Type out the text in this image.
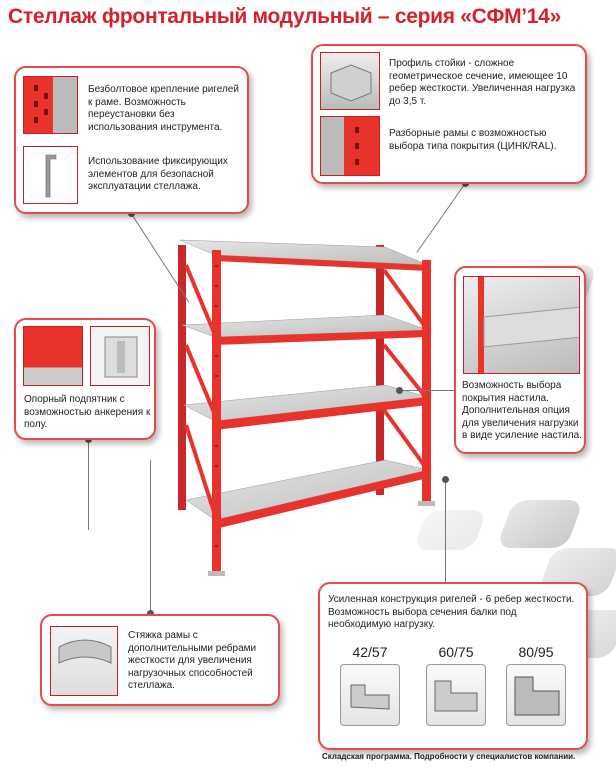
Стеллаж фронтальный модульный – серия «СФМ’14»
Безболтовое крепление ригелей к раме. Возможность переустановки без использования инструмента.
Использование фиксирующих элементов для безопасной эксплуатации стеллажа.
Профиль стойки - сложное геометрическое сечение, имеющее 10 ребер жесткости. Увеличенная нагрузка до 3,5 т.
Разборные рамы с возможностью выбора типа покрытия (ЦИНК/RAL).
Опорный подпятник с возможностью анкерения к полу.
Возможность выбора покрытия настила. Дополнительная опция для увеличения нагрузки в виде усиление настила.
Стяжка рамы с дополнительными ребрами жесткости для увеличения нагрузочных способностей стеллажа.
Усиленная конструкция ригелей - 6 ребер жесткости. Возможность выбора сечения балки под необходимую нагрузку.
42/57	60/75	80/95
Складская программа. Подробности у специалистов компании.
